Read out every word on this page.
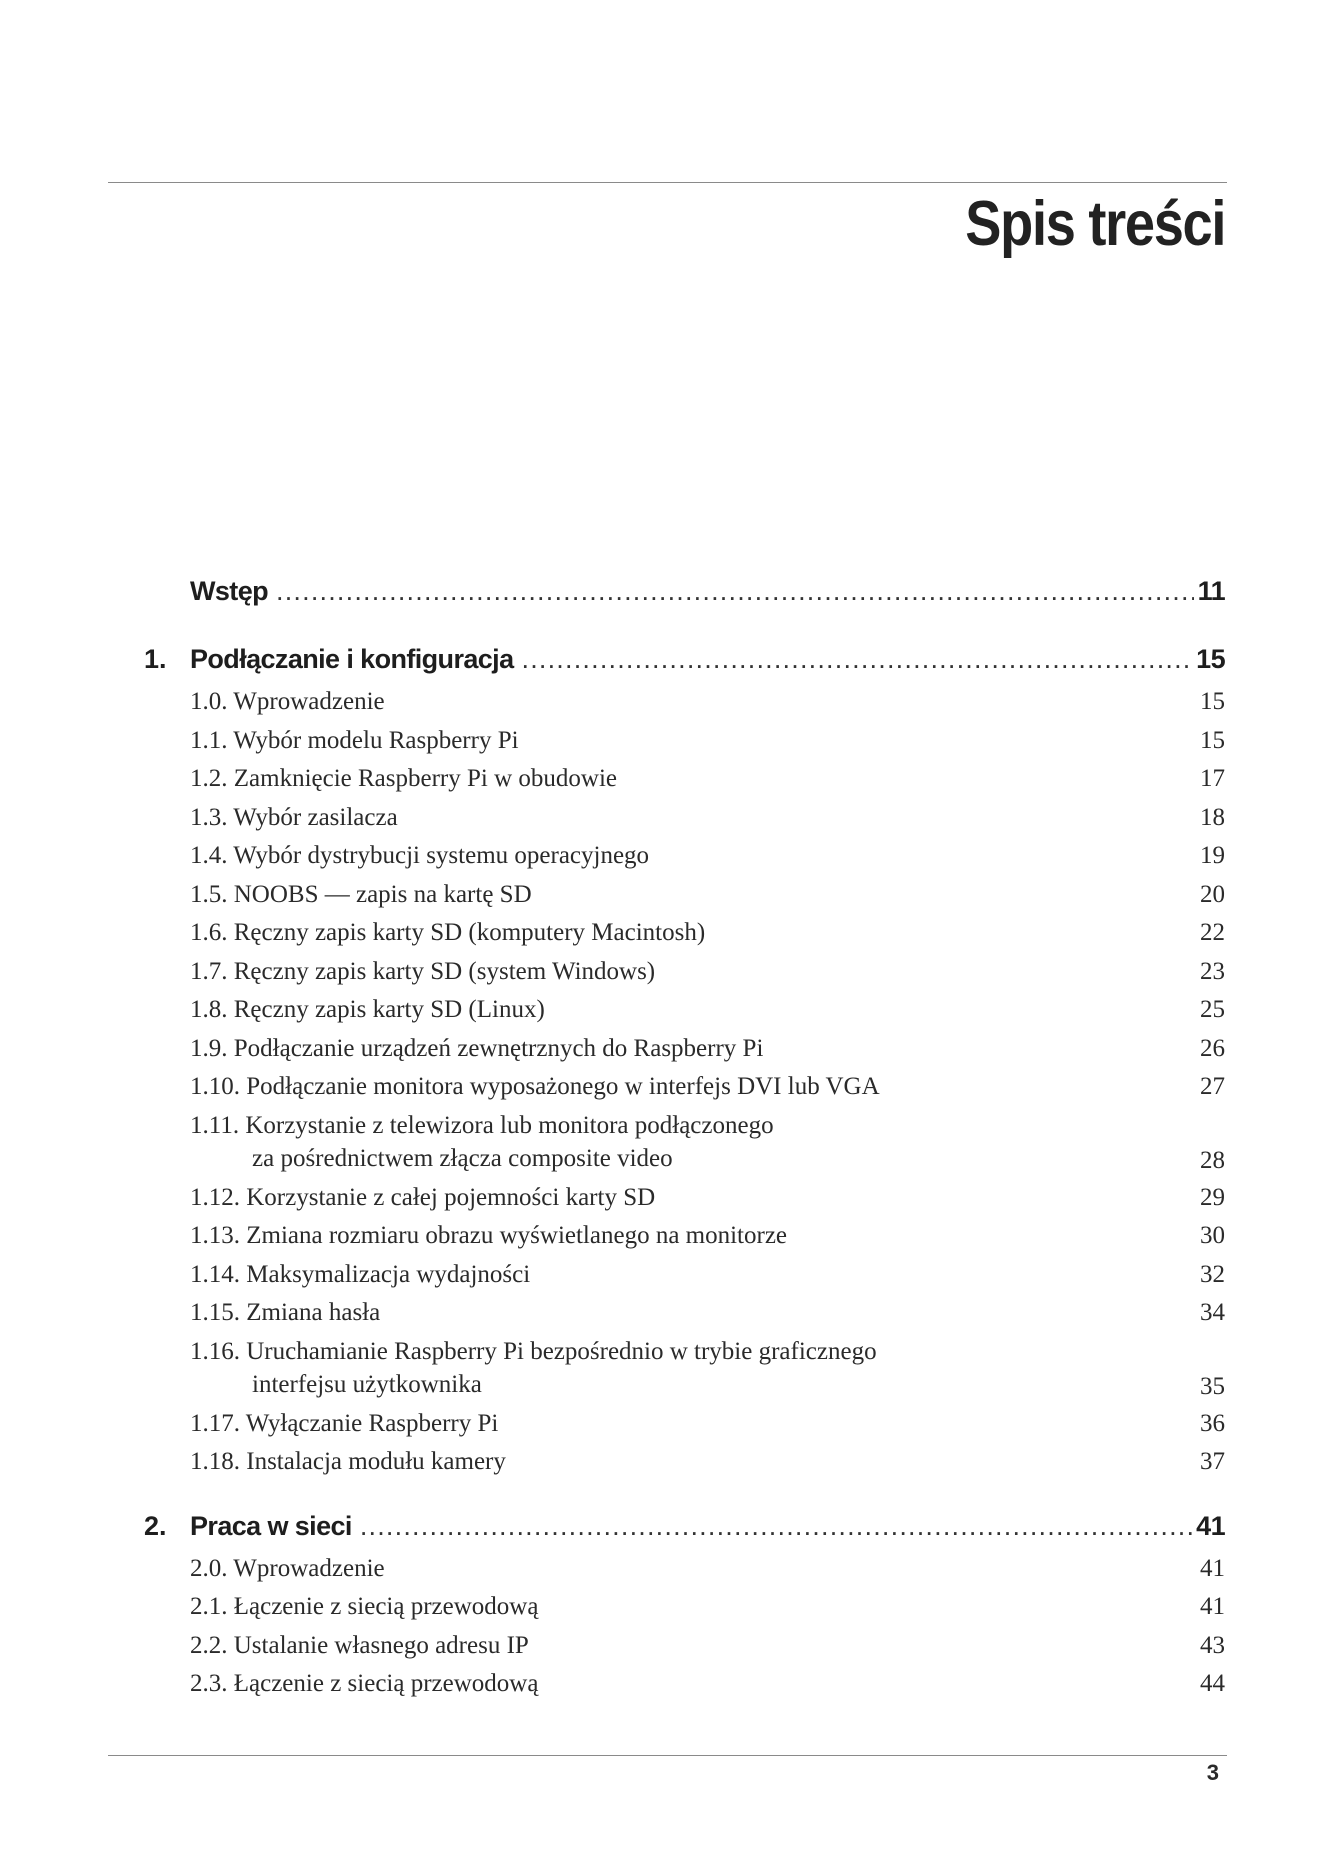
Spis treści
Wstęp .....	11
1. Podłączanie i konfiguracja .....	15
1.0. Wprowadzenie	15
1.1. Wybór modelu Raspberry Pi	15
1.2. Zamknięcie Raspberry Pi w obudowie	17
1.3. Wybór zasilacza	18
1.4. Wybór dystrybucji systemu operacyjnego	19
1.5. NOOBS — zapis na kartę SD	20
1.6. Ręczny zapis karty SD (komputery Macintosh)	22
1.7. Ręczny zapis karty SD (system Windows)	23
1.8. Ręczny zapis karty SD (Linux)	25
1.9. Podłączanie urządzeń zewnętrznych do Raspberry Pi	26
1.10. Podłączanie monitora wyposażonego w interfejs DVI lub VGA	27
1.11. Korzystanie z telewizora lub monitora podłączonego
za pośrednictwem złącza composite video	28
1.12. Korzystanie z całej pojemności karty SD	29
1.13. Zmiana rozmiaru obrazu wyświetlanego na monitorze	30
1.14. Maksymalizacja wydajności	32
1.15. Zmiana hasła	34
1.16. Uruchamianie Raspberry Pi bezpośrednio w trybie graficznego
interfejsu użytkownika	35
1.17. Wyłączanie Raspberry Pi	36
1.18. Instalacja modułu kamery	37
2. Praca w sieci .....	41
2.0. Wprowadzenie	41
2.1. Łączenie z siecią przewodową	41
2.2. Ustalanie własnego adresu IP	43
2.3. Łączenie z siecią przewodową	44
3
